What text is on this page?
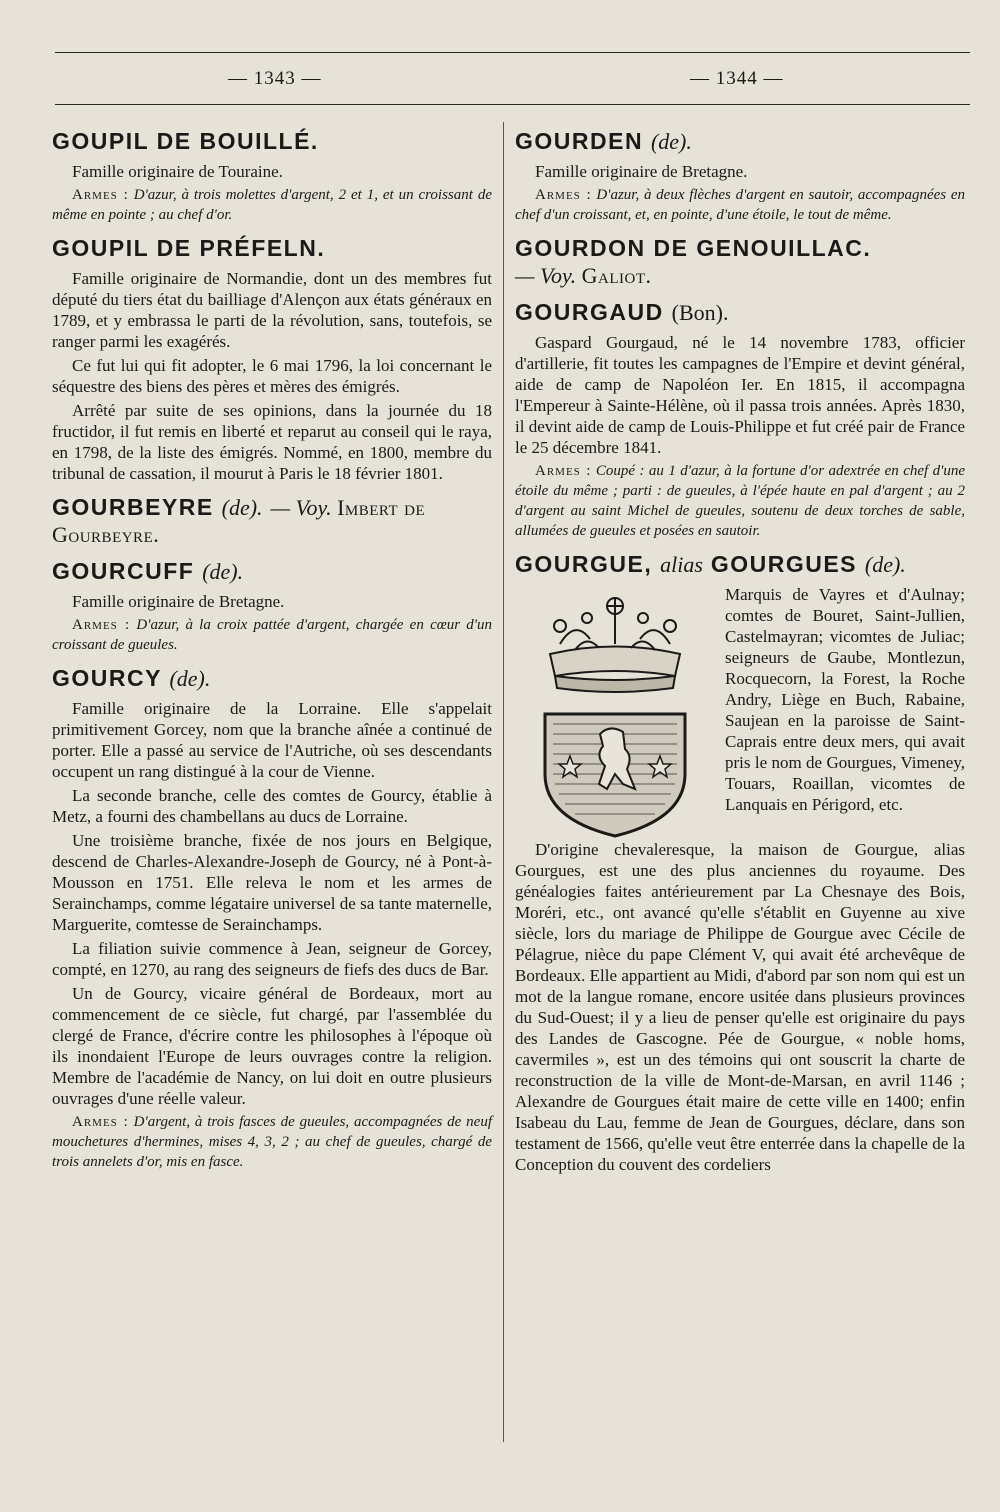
— 1343 —	— 1344 —
GOUPIL DE BOUILLÉ.

Famille originaire de Touraine.

Armes : D'azur, à trois molettes d'argent, 2 et 1, et un croissant de même en pointe ; au chef d'or.

GOUPIL DE PRÉFELN.

Famille originaire de Normandie, dont un des membres fut député du tiers état du bailliage d'Alençon aux états généraux en 1789, et y embrassa le parti de la révolution, sans, toutefois, se ranger parmi les exagérés.

Ce fut lui qui fit adopter, le 6 mai 1796, la loi concernant le séquestre des biens des pères et mères des émigrés.

Arrêté par suite de ses opinions, dans la journée du 18 fructidor, il fut remis en liberté et reparut au conseil qui le raya, en 1798, de la liste des émigrés. Nommé, en 1800, membre du tribunal de cassation, il mourut à Paris le 18 février 1801.

GOURBEYRE (de). — Voy. Imbert de Gourbeyre.
GOURCUFF (de).

Famille originaire de Bretagne.

Armes : D'azur, à la croix pattée d'argent, chargée en cœur d'un croissant de gueules.

GOURCY (de).

Famille originaire de la Lorraine. Elle s'appelait primitivement Gorcey, nom que la branche aînée a continué de porter. Elle a passé au service de l'Autriche, où ses descendants occupent un rang distingué à la cour de Vienne.

La seconde branche, celle des comtes de Gourcy, établie à Metz, a fourni des chambellans au ducs de Lorraine.

Une troisième branche, fixée de nos jours en Belgique, descend de Charles-Alexandre-Joseph de Gourcy, né à Pont-à-Mousson en 1751. Elle releva le nom et les armes de Serainchamps, comme légataire universel de sa tante maternelle, Marguerite, comtesse de Serainchamps.

La filiation suivie commence à Jean, seigneur de Gorcey, compté, en 1270, au rang des seigneurs de fiefs des ducs de Bar.

Un de Gourcy, vicaire général de Bordeaux, mort au commencement de ce siècle, fut chargé, par l'assemblée du clergé de France, d'écrire contre les philosophes à l'époque où ils inondaient l'Europe de leurs ouvrages contre la religion. Membre de l'académie de Nancy, on lui doit en outre plusieurs ouvrages d'une réelle valeur.

Armes : D'argent, à trois fasces de gueules, accompagnées de neuf mouchetures d'hermines, mises 4, 3, 2 ; au chef de gueules, chargé de trois annelets d'or, mis en fasce.

GOURDEN (de).

Famille originaire de Bretagne.

Armes : D'azur, à deux flèches d'argent en sautoir, accompagnées en chef d'un croissant, et, en pointe, d'une étoile, le tout de même.

GOURDON DE GENOUILLAC.
— Voy. Galiot.
GOURGAUD (Bon).

Gaspard Gourgaud, né le 14 novembre 1783, officier d'artillerie, fit toutes les campagnes de l'Empire et devint général, aide de camp de Napoléon Ier. En 1815, il accompagna l'Empereur à Sainte-Hélène, où il passa trois années. Après 1830, il devint aide de camp de Louis-Philippe et fut créé pair de France le 25 décembre 1841.

Armes : Coupé : au 1 d'azur, à la fortune d'or adextrée en chef d'une étoile du même ; parti : de gueules, à l'épée haute en pal d'argent ; au 2 d'argent au saint Michel de gueules, soutenu de deux torches de sable, allumées de gueules et posées en sautoir.

GOURGUE, alias GOURGUES (de).
Marquis de Vayres et d'Aulnay; comtes de Bouret, Saint-Jullien, Castelmayran; vicomtes de Juliac; seigneurs de Gaube, Montlezun, Rocquecorn, la Forest, la Roche Andry, Liège en Buch, Rabaine, Saujean en la paroisse de Saint-Caprais entre deux mers, qui avait pris le nom de Gourgues, Vimeney, Touars, Roaillan, vicomtes de Lanquais en Périgord, etc.

D'origine chevaleresque, la maison de Gourgue, alias Gourgues, est une des plus anciennes du royaume. Des généalogies faites antérieurement par La Chesnaye des Bois, Moréri, etc., ont avancé qu'elle s'établit en Guyenne au xive siècle, lors du mariage de Philippe de Gourgue avec Cécile de Pélagrue, nièce du pape Clément V, qui avait été archevêque de Bordeaux. Elle appartient au Midi, d'abord par son nom qui est un mot de la langue romane, encore usitée dans plusieurs provinces du Sud-Ouest; il y a lieu de penser qu'elle est originaire du pays des Landes de Gascogne. Pée de Gourgue, « noble homs, cavermiles », est un des témoins qui ont souscrit la charte de reconstruction de la ville de Mont-de-Marsan, en avril 1146 ; Alexandre de Gourgues était maire de cette ville en 1400; enfin Isabeau du Lau, femme de Jean de Gourgues, déclare, dans son testament de 1566, qu'elle veut être enterrée dans la chapelle de la Conception du couvent des cordeliers
